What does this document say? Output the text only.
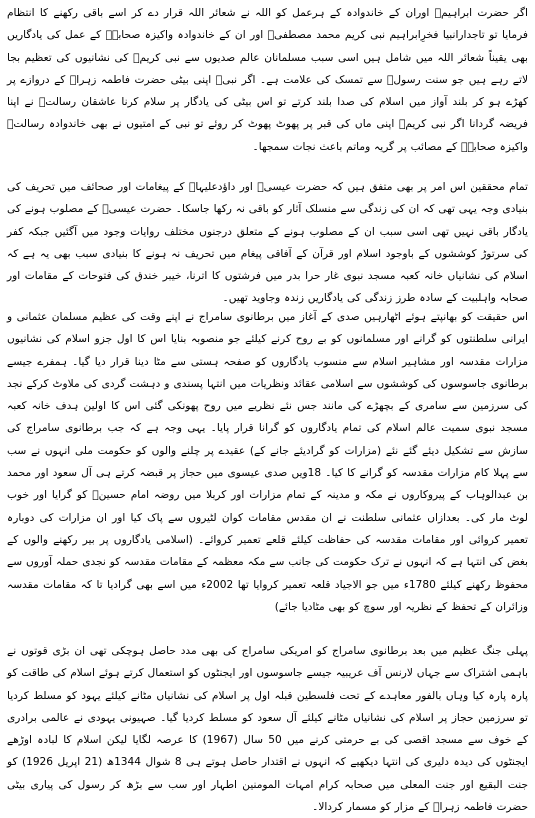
اگر حضرت ابراہیمؑ اوران کے خاندوادہ کے ہرعمل کو اللہ نے شعائر اللہ قرار دے کر اسے باقی رکھنے کا انتظام فرمایا تو تاجدارانبیا فخرِابراہیم نبی کریم محمد مصطفیؐ اور ان کے خاندوادہ واکیزہ صحابہؓ کے عمل کی یادگاریں بھی یقیناً شعائر اللہ میں شامل ہیں اسی سبب مسلمانان عالم صدیوں سے نبی کریمؐ کی نشانیوں کی تعظیم بجا لاتے رہے ہیں جو سنت رسولؐ سے تمسک کی علامت ہے۔ اگر نبیؐ اپنی بیٹی حضرت فاطمہ زہراؑ کے دروازے پر کھڑے ہو کر بلند آواز میں اسلام کی صدا بلند کرتے تو اس بیٹی کی یادگار پر سلام کرنا عاشقان رسالتؐ نے اپنا فریضہ گردانا اگر نبی کریمؐ اپنی ماں کی قبر پر پھوٹ پھوٹ کر روئے تو نبی کے امتیوں نے بھی خاندوادہ رسالتؐ واکیزہ صحابہؓ کے مصائب پر گریہ وماتم باعث نجات سمجھا۔

تمام محققین اس امر پر بھی متفق ہیں کہ حضرت عیسیؑ اور داؤدعلیہاؑ کے پیغامات اور صحائف میں تحریف کی بنیادی وجہ یہی تھی کہ ان کی زندگی سے منسلک آثار کو باقی نہ رکھا جاسکا۔ حضرت عیسیؑ کے مصلوب ہونے کی یادگار باقی نہیں تھی اسی سبب ان کے مصلوب ہونے کے متعلق درجنوں مختلف روایات وجود میں آگئیں جبکہ کفر کی سرتوڑ کوششوں کے باوجود اسلام اور قرآن کے آفاقی پیغام میں تحریف نہ ہونے کا بنیادی سبب بھی یہ ہے کہ اسلام کی نشانیاں خانہ کعبہ مسجد نبوی غار حرا بدر میں فرشتوں کا اترنا، خیبر خندق کی فتوحات کے مقامات اور صحابہ واہلبیت کے سادہ طرز زندگی کی یادگاریں زندہ وجاوید تھیں۔

اس حقیقت کو بھانپتے ہوئے اٹھارہیں صدی کے آغاز میں برطانوی سامراج نے اپنے وقت کی عظیم مسلمان عثمانی و ایرانی سلطنتوں کو گرانے اور مسلمانوں کو بے روح کرنے کیلئے جو منصوبہ بنایا اس کا اول جزو اسلام کی نشانیوں مزارات مقدسہ اور مشاہیر اسلام سے منسوب یادگاروں کو صفحہ ہستی سے مٹا دینا قرار دیا گیا۔ ہمفرے جیسے برطانوی جاسوسوں کی کوششوں سے اسلامی عقائد ونظریات میں انتہا پسندی و دہشت گردی کی ملاوٹ کرکے نجد کی سرزمین سے سامری کے بچھڑے کی مانند جس نئے نظریے میں روح پھونکی گئی اس کا اولین ہدف خانہ کعبہ مسجد نبوی سمیت عالم اسلام کی تمام یادگاروں کو گرانا قرار پایا۔ یہی وجہ ہے کہ جب برطانوی سامراج کی سازش سے تشکیل دیئے گئے نئے (مزارات کو گرادیئے جانے کے) عقیدے پر چلنے والوں کو حکومت ملی انہوں نے سب سے پہلا کام مزارات مقدسہ کو گرانے کا کیا۔ 18ویں صدی عیسوی میں حجاز پر قبضہ کرتے ہی آل سعود اور محمد بن عبدالوہاب کے پیروکاروں نے مکہ و مدینہ کے تمام مزارات اور کربلا میں روضہ امام حسینؑ کو گرایا اور خوب لوٹ مار کی۔ بعدازاں عثمانی سلطنت نے ان مقدس مقامات کوان لٹیروں سے پاک کیا اور ان مزارات کی دوبارہ تعمیر کروائی اور مقامات مقدسہ کی حفاظت کیلئے قلعے تعمیر کروائے۔ (اسلامی یادگاروں پر بیر رکھنے والوں کے بغض کی انتہا ہے کہ انہوں نے ترک حکومت کی جانب سے مکہ معظمہ کے مقامات مقدسہ کو نجدی حملہ آوروں سے محفوظ رکھنے کیلئے 1780ء میں جو الاجیاد قلعہ تعمیر کروایا تھا 2002ء میں اسے بھی گرادیا تا کہ مقامات مقدسہ وزائران کے تحفظ کے نظریہ اور سوچ کو بھی مٹادیا جائے)

پہلی جنگ عظیم میں بعد برطانوی سامراج کو امریکی سامراج کی بھی مدد حاصل ہوچکی تھی ان بڑی قوتوں نے باہمی اشتراک سے جہاں لارنس آف عریبیہ جیسے جاسوسوں اور ایجنٹوں کو استعمال کرتے ہوئے اسلام کی طاقت کو پارہ پارہ کیا وہاں بالفور معاہدے کے تحت فلسطین قبلہ اول پر اسلام کی نشانیاں مٹانے کیلئے یہود کو مسلط کردیا تو سرزمین حجاز پر اسلام کی نشانیاں مٹانے کیلئے آل سعود کو مسلط کردیا گیا۔ صہیونی یہودی نے عالمی برادری کے خوف سے مسجد اقصی کی بے حرمتی کرنے میں 50 سال (1967) کا عرصہ لگایا لیکن اسلام کا لبادہ اوڑھے ایجنٹوں کی دیدہ دلیری کی انتہا دیکھیے کہ انہوں نے اقتدار حاصل ہوتے ہی 8 شوال 1344ھ (21 اپریل 1926) کو جنت البقیع اور جنت المعلی میں صحابہ کرام امہات المومنین اطہار اور سب سے بڑھ کر رسول کی پیاری بیٹی حضرت فاطمہ زہراؑ کے مزار کو مسمار کردالا۔
